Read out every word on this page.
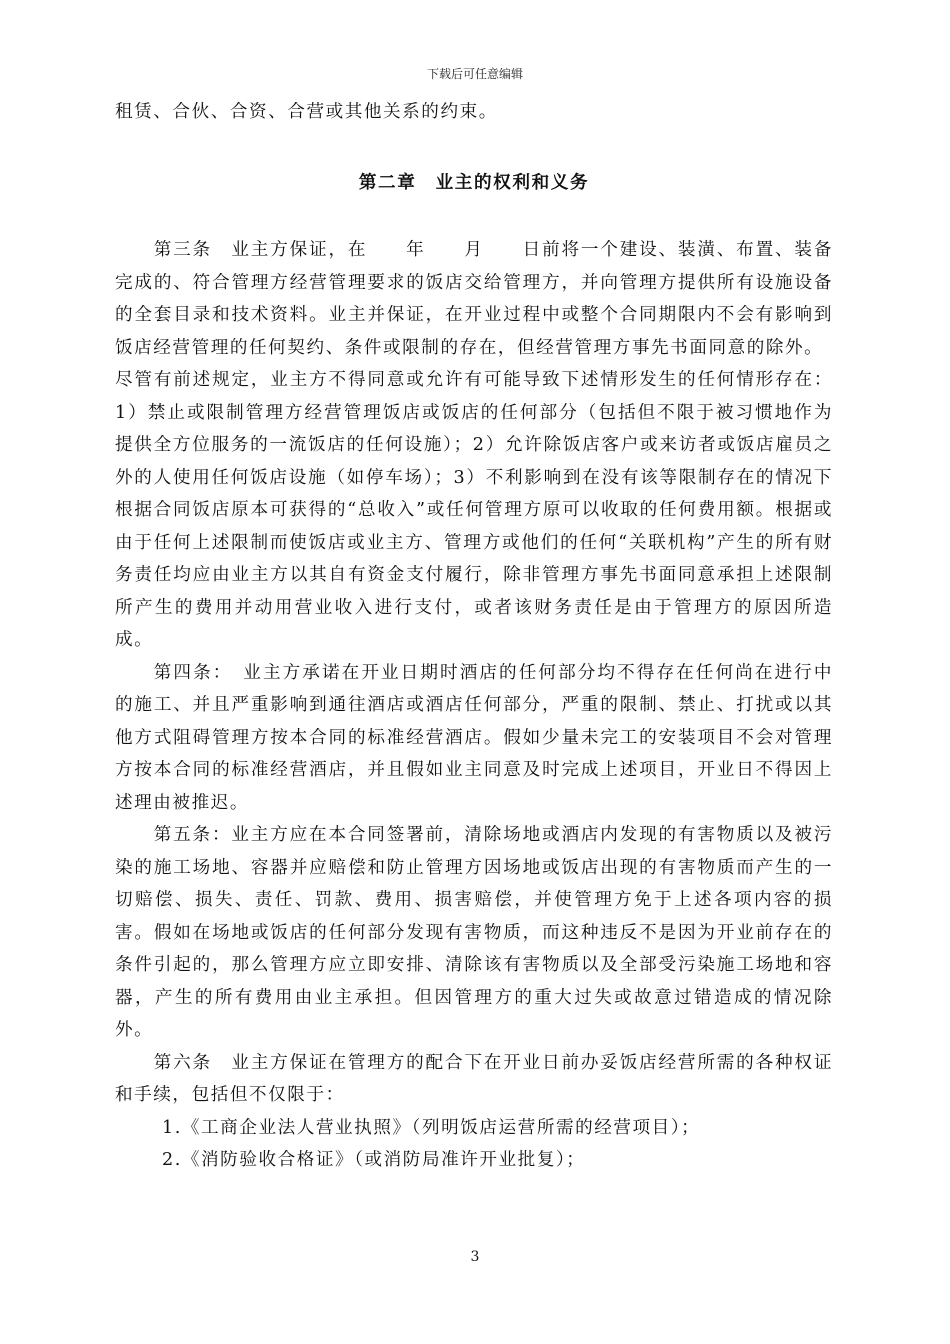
下载后可任意编辑

租赁、合伙、合资、合营或其他关系的约束。

第二章　业主的权利和义务

第三条　业主方保证，在　　年　　月　　日前将一个建设、装潢、布置、装备完成的、符合管理方经营管理要求的饭店交给管理方，并向管理方提供所有设施设备的全套目录和技术资料。业主并保证，在开业过程中或整个合同期限内不会有影响到饭店经营管理的任何契约、条件或限制的存在，但经营管理方事先书面同意的除外。

尽管有前述规定，业主方不得同意或允许有可能导致下述情形发生的任何情形存在：1）禁止或限制管理方经营管理饭店或饭店的任何部分（包括但不限于被习惯地作为提供全方位服务的一流饭店的任何设施）；2）允许除饭店客户或来访者或饭店雇员之外的人使用任何饭店设施（如停车场）；3）不利影响到在没有该等限制存在的情况下根据合同饭店原本可获得的“总收入”或任何管理方原可以收取的任何费用额。根据或由于任何上述限制而使饭店或业主方、管理方或他们的任何“关联机构”产生的所有财务责任均应由业主方以其自有资金支付履行，除非管理方事先书面同意承担上述限制所产生的费用并动用营业收入进行支付，或者该财务责任是由于管理方的原因所造成。

第四条：　业主方承诺在开业日期时酒店的任何部分均不得存在任何尚在进行中的施工、并且严重影响到通往酒店或酒店任何部分，严重的限制、禁止、打扰或以其他方式阻碍管理方按本合同的标准经营酒店。假如少量未完工的安装项目不会对管理方按本合同的标准经营酒店，并且假如业主同意及时完成上述项目，开业日不得因上述理由被推迟。

第五条：业主方应在本合同签署前，清除场地或酒店内发现的有害物质以及被污染的施工场地、容器并应赔偿和防止管理方因场地或饭店出现的有害物质而产生的一切赔偿、损失、责任、罚款、费用、损害赔偿，并使管理方免于上述各项内容的损害。假如在场地或饭店的任何部分发现有害物质，而这种违反不是因为开业前存在的条件引起的，那么管理方应立即安排、清除该有害物质以及全部受污染施工场地和容器，产生的所有费用由业主承担。但因管理方的重大过失或故意过错造成的情况除外。

第六条　业主方保证在管理方的配合下在开业日前办妥饭店经营所需的各种权证和手续，包括但不仅限于：

1.《工商企业法人营业执照》（列明饭店运营所需的经营项目）；

2.《消防验收合格证》（或消防局准许开业批复）；

3
